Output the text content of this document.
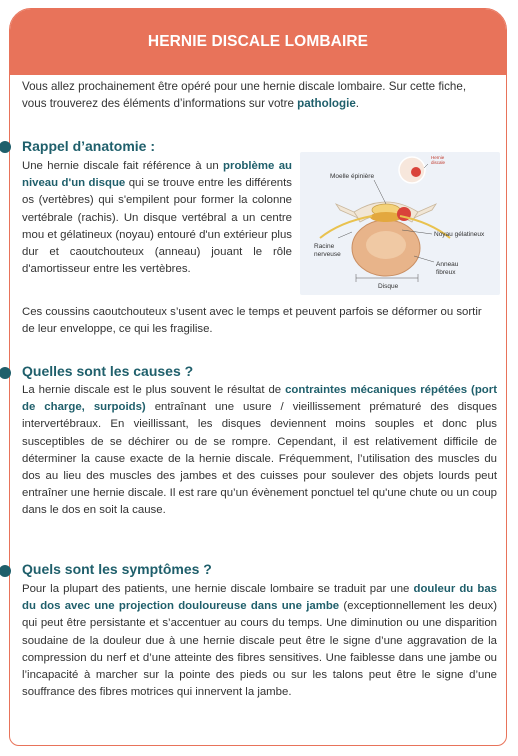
HERNIE DISCALE LOMBAIRE

Vous allez prochainement être opéré pour une hernie discale lombaire. Sur cette fiche, vous trouverez des éléments d’informations sur votre pathologie.

Rappel d’anatomie :

Une hernie discale fait référence à un problème au niveau d'un disque qui se trouve entre les différents os (vertèbres) qui s'empilent pour former la colonne vertébrale (rachis). Un disque vertébral a un centre mou et gélatineux (noyau) entouré d'un extérieur plus dur et caoutchouteux (anneau) jouant le rôle d'amortisseur entre les vertèbres.

Ces coussins caoutchouteux s’usent avec le temps et peuvent parfois se déformer ou sortir de leur enveloppe, ce qui les fragilise.

Moelle épinière
Hernie
discale
Noyau gélatineux
Racine
nerveuse
Anneau
fibreux
Disque
Quelles sont les causes ?

La hernie discale est le plus souvent le résultat de contraintes mécaniques répétées (port de charge, surpoids) entraînant une usure / vieillissement prématuré des disques intervertébraux. En vieillissant, les disques deviennent moins souples et donc plus susceptibles de se déchirer ou de se rompre. Cependant, il est relativement difficile de déterminer la cause exacte de la hernie discale. Fréquemment, l’utilisation des muscles du dos au lieu des muscles des jambes et des cuisses pour soulever des objets lourds peut entraîner une hernie discale. Il est rare qu’un évènement ponctuel tel qu'une chute ou un coup dans le dos en soit la cause.

Quels sont les symptômes ?

Pour la plupart des patients, une hernie discale lombaire se traduit par une douleur du bas du dos avec une projection douloureuse dans une jambe (exceptionnellement les deux) qui peut être persistante et s’accentuer au cours du temps. Une diminution ou une disparition soudaine de la douleur due à une hernie discale peut être le signe d’une aggravation de la compression du nerf et d’une atteinte des fibres sensitives. Une faiblesse dans une jambe ou l’incapacité à marcher sur la pointe des pieds ou sur les talons peut être le signe d’une souffrance des fibres motrices qui innervent la jambe.
